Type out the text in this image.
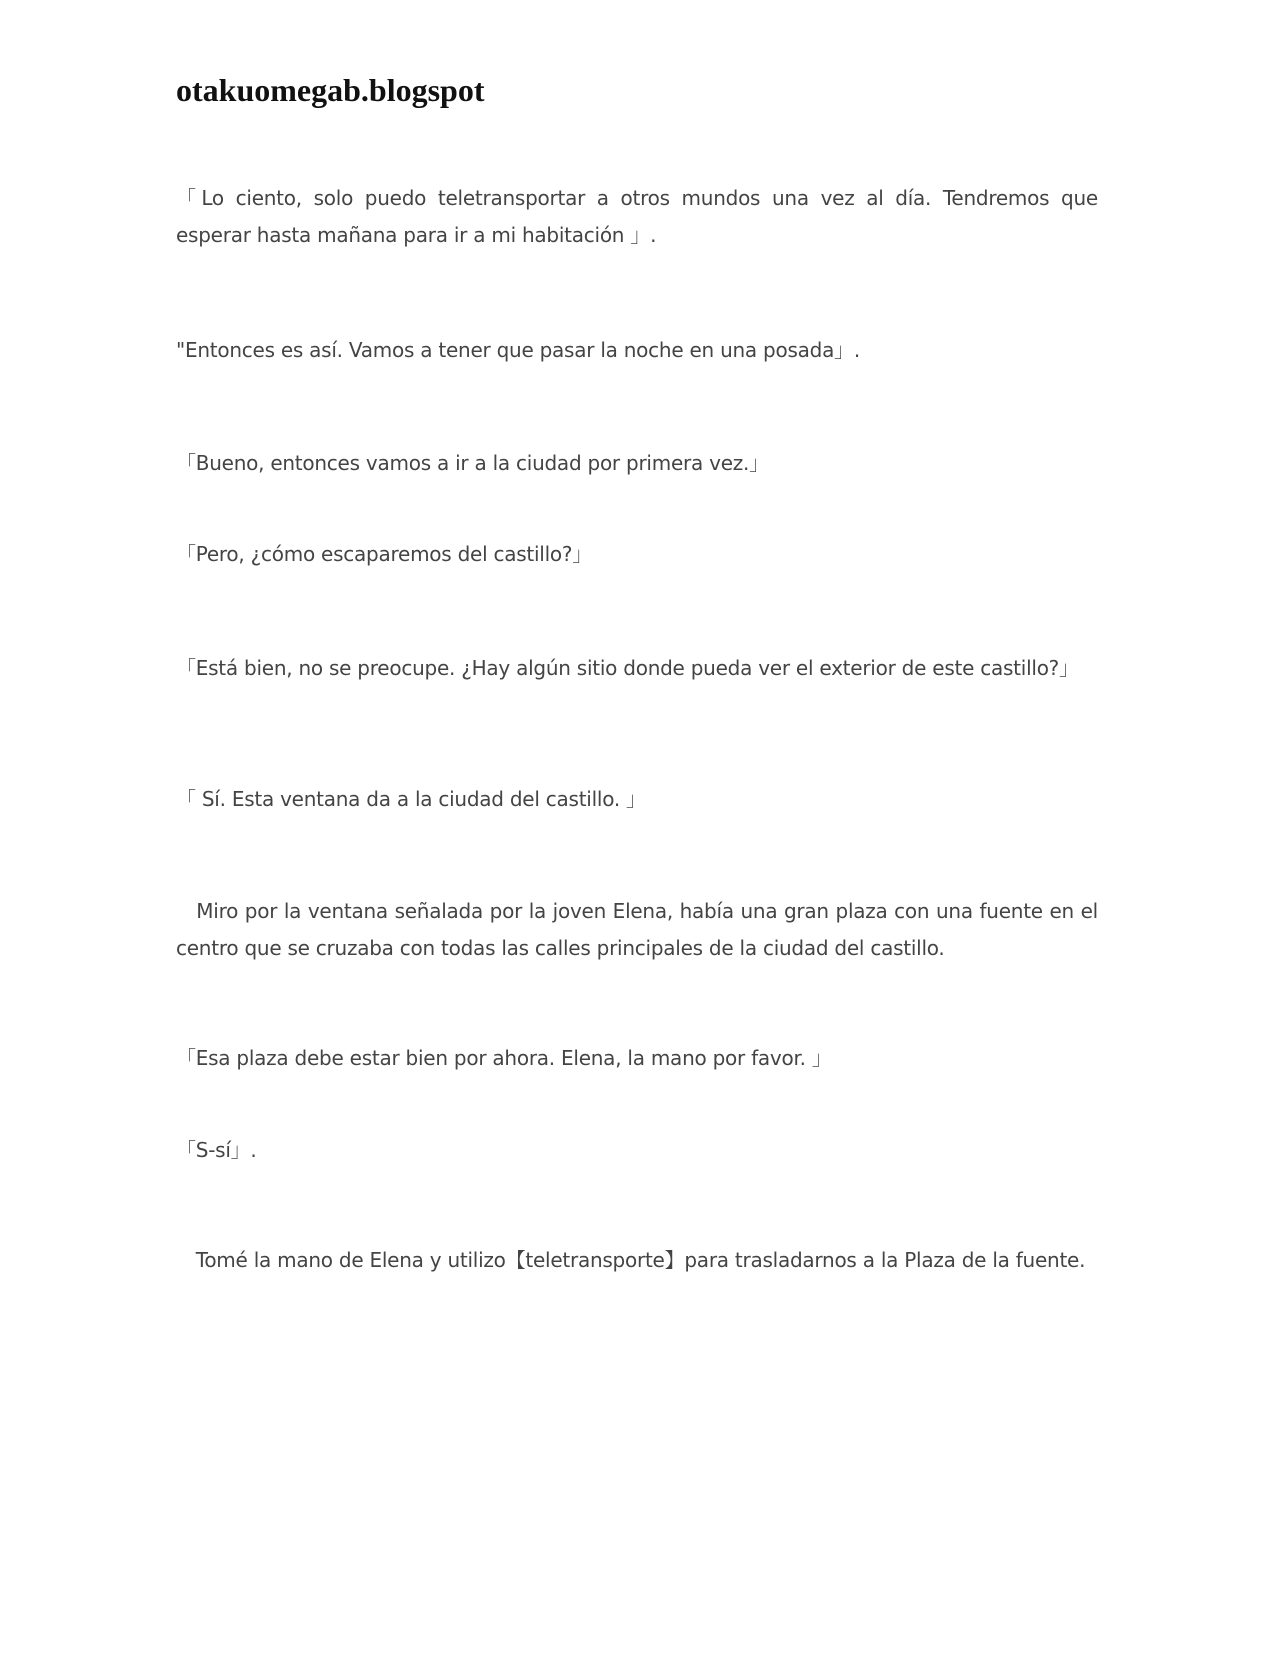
otakuomegab.blogspot

「Lo ciento, solo puedo teletransportar a otros mundos una vez al día. Tendremos que esperar hasta mañana para ir a mi habitación 」.

"Entonces es así. Vamos a tener que pasar la noche en una posada」.

「Bueno, entonces vamos a ir a la ciudad por primera vez.」

「Pero, ¿cómo escaparemos del castillo?」

「Está bien, no se preocupe. ¿Hay algún sitio donde pueda ver el exterior de este castillo?」

「 Sí. Esta ventana da a la ciudad del castillo. 」

　Miro por la ventana señalada por la joven Elena, había una gran plaza con una fuente en el centro que se cruzaba con todas las calles principales de la ciudad del castillo.

「Esa plaza debe estar bien por ahora. Elena, la mano por favor. 」

「S-sí」.

　Tomé la mano de Elena y utilizo【teletransporte】para trasladarnos a la Plaza de la fuente.
